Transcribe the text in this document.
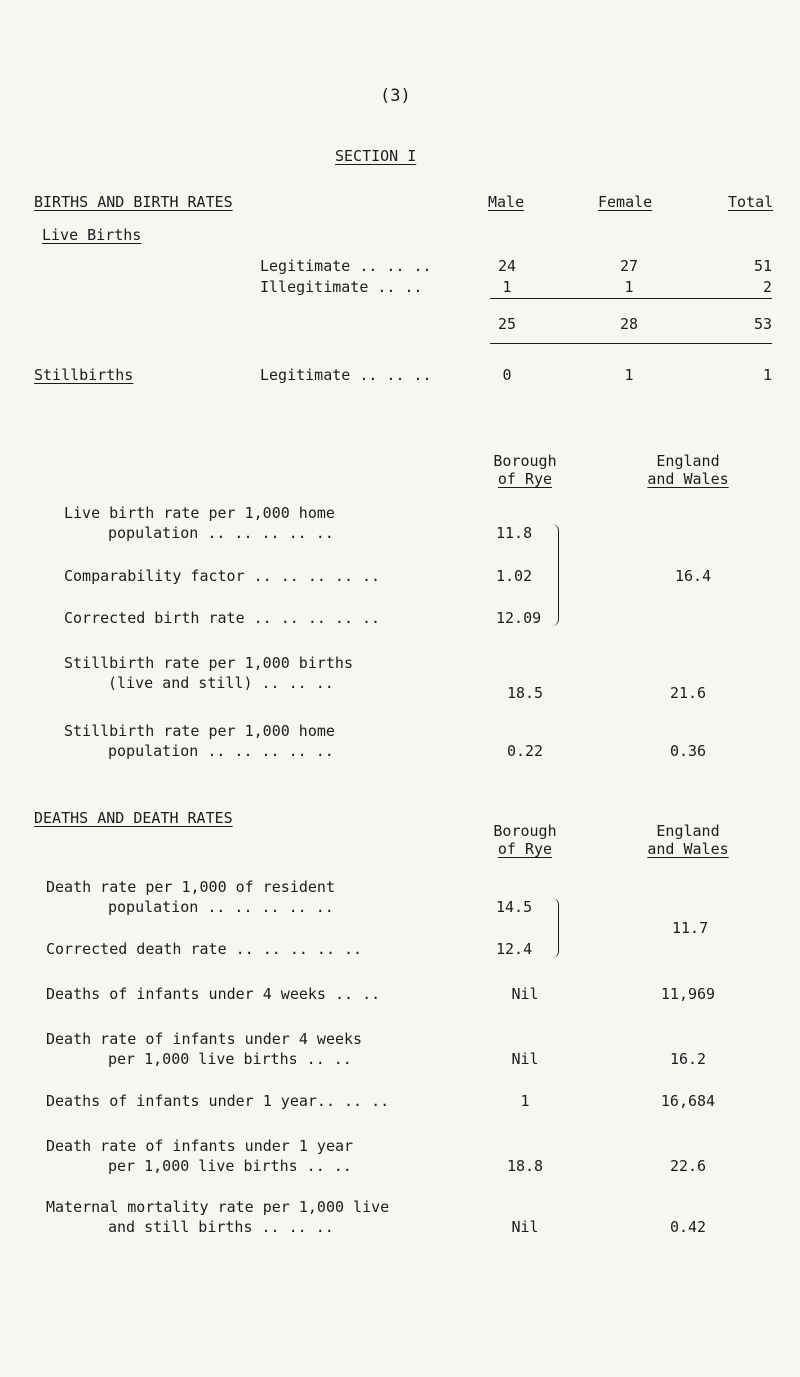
(3)
SECTION I
BIRTHS AND BIRTH RATES	Male	Female	Total
Live Births
Legitimate .. .. ..	24	27	51
Illegitimate .. ..	1	1	2
25	28	53
Stillbirths	Legitimate .. .. ..	0	1	1
Borough
of Rye
England
and Wales
Live birth rate per 1,000 home
population .. .. .. .. ..	11.8
Comparability factor .. .. .. .. ..	1.02
Corrected birth rate .. .. .. .. ..	12.09
16.4
Stillbirth rate per 1,000 births
(live and still) .. .. ..
18.5	21.6
Stillbirth rate per 1,000 home
population .. .. .. .. ..	0.22	0.36
DEATHS AND DEATH RATES
Borough
of Rye
England
and Wales
Death rate per 1,000 of resident
population .. .. .. .. ..	14.5
Corrected death rate .. .. .. .. ..	12.4
11.7
Deaths of infants under 4 weeks .. ..	Nil	11,969
Death rate of infants under 4 weeks
per 1,000 live births .. ..	Nil	16.2
Deaths of infants under 1 year.. .. ..	1	16,684
Death rate of infants under 1 year
per 1,000 live births .. ..	18.8	22.6
Maternal mortality rate per 1,000 live
and still births .. .. ..	Nil	0.42
